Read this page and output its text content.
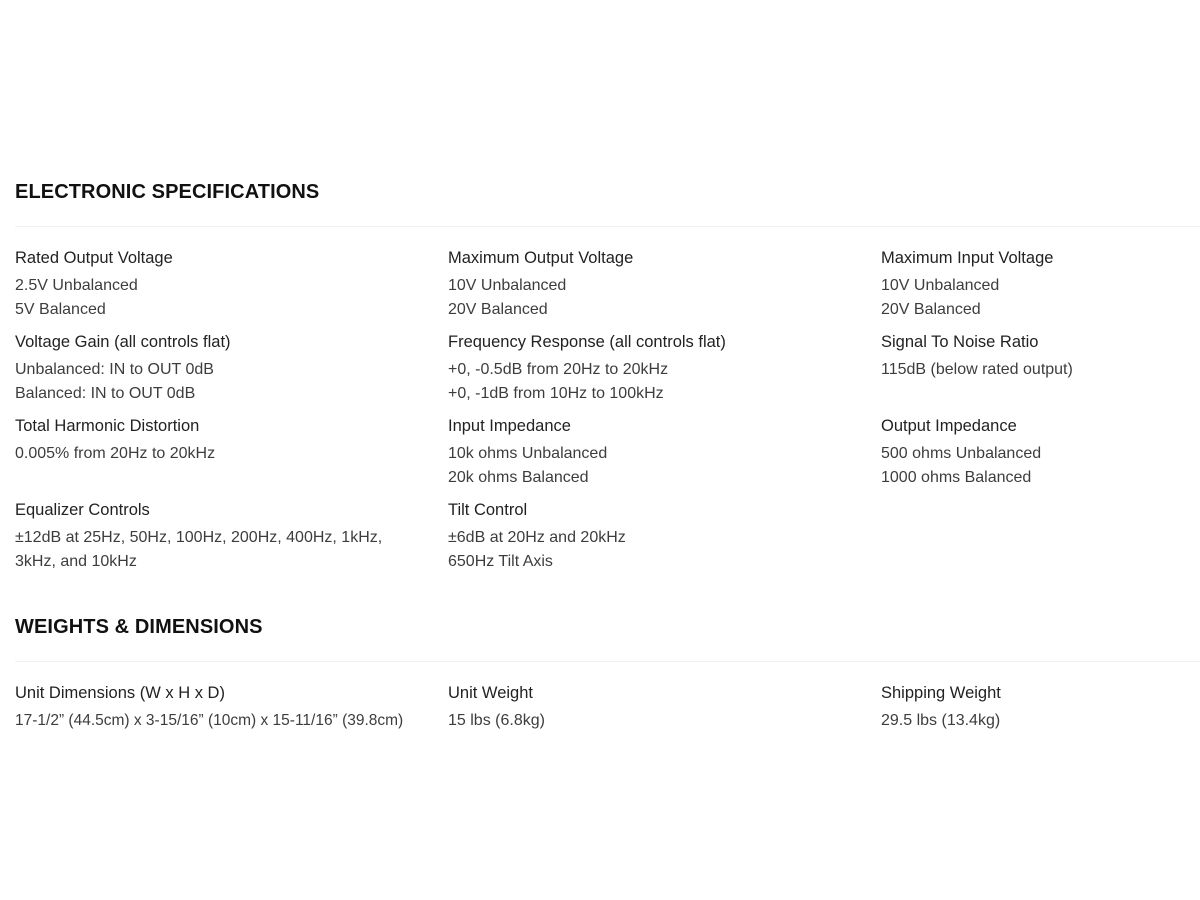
ELECTRONIC SPECIFICATIONS
Rated Output Voltage
2.5V Unbalanced
5V Balanced
Maximum Output Voltage
10V Unbalanced
20V Balanced
Maximum Input Voltage
10V Unbalanced
20V Balanced
Voltage Gain (all controls flat)
Unbalanced: IN to OUT 0dB
Balanced: IN to OUT 0dB
Frequency Response (all controls flat)
+0, -0.5dB from 20Hz to 20kHz
+0, -1dB from 10Hz to 100kHz
Signal To Noise Ratio
115dB (below rated output)
Total Harmonic Distortion
0.005% from 20Hz to 20kHz
Input Impedance
10k ohms Unbalanced
20k ohms Balanced
Output Impedance
500 ohms Unbalanced
1000 ohms Balanced
Equalizer Controls
±12dB at 25Hz, 50Hz, 100Hz, 200Hz, 400Hz, 1kHz, 3kHz, and 10kHz
Tilt Control
±6dB at 20Hz and 20kHz
650Hz Tilt Axis
WEIGHTS & DIMENSIONS
Unit Dimensions (W x H x D)
17-1/2” (44.5cm) x 3-15/16” (10cm) x 15-11/16” (39.8cm)
Unit Weight
15 lbs (6.8kg)
Shipping Weight
29.5 lbs (13.4kg)
